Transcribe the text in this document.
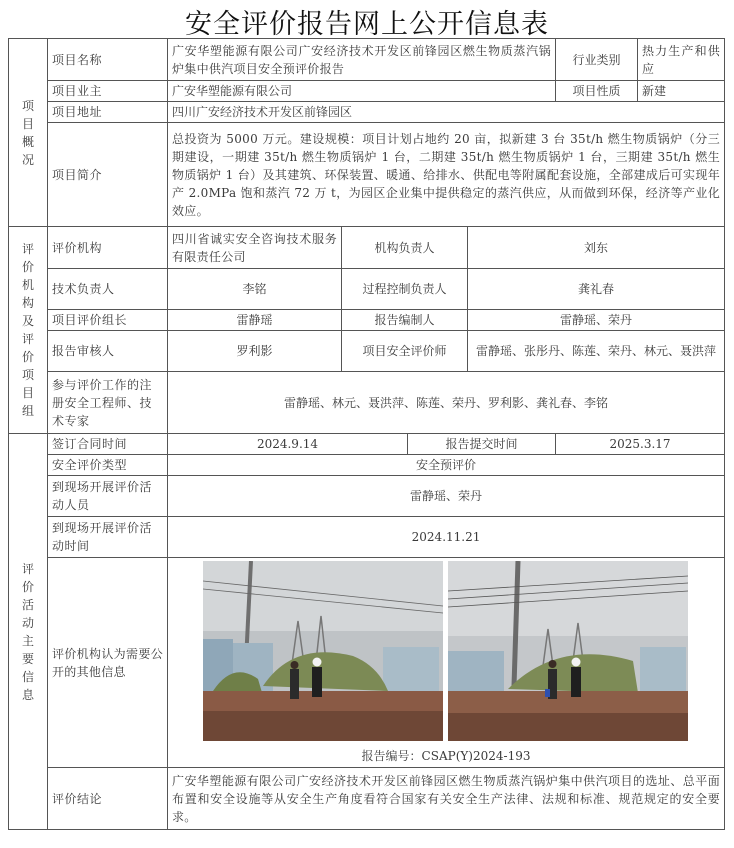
安全评价报告网上公开信息表
项目概况	项目名称	广安华塑能源有限公司广安经济技术开发区前锋园区燃生物质蒸汽锅炉集中供汽项目安全预评价报告				行业类别	热力生产和供应
	项目业主	广安华塑能源有限公司				项目性质	新建
	项目地址	四川广安经济技术开发区前锋园区					
	项目简介	总投资为 5000 万元。建设规模：项目计划占地约 20 亩，拟新建 3 台 35t/h 燃生物质锅炉（分三期建设，一期建 35t/h 燃生物质锅炉 1 台，二期建 35t/h 燃生物质锅炉 1 台，三期建 35t/h 燃生物质锅炉 1 台）及其建筑、环保装置、暖通、给排水、供配电等附属配套设施，全部建成后可实现年产 2.0MPa 饱和蒸汽 72 万 t，为园区企业集中提供稳定的蒸汽供应，从而做到环保，经济等产业化效应。					
评价机构及评价项目组	评价机构	四川省诚实安全咨询技术服务有限责任公司	机构负责人		刘东		
	技术负责人	李铭	过程控制负责人		龚礼春		
	项目评价组长	雷静瑶	报告编制人		雷静瑶、荣丹		
	报告审核人	罗利影	项目安全评价师		雷静瑶、张彤丹、陈莲、荣丹、林元、聂洪萍		
	参与评价工作的注册安全工程师、技术专家	雷静瑶、林元、聂洪萍、陈莲、荣丹、罗利影、龚礼春、李铭					
评价活动主要信息	签订合同时间	2024.9.14		报告提交时间		2025.3.17	
	安全评价类型	安全预评价					
	到现场开展评价活动人员	雷静瑶、荣丹					
	到现场开展评价活动时间	2024.11.21					
	评价机构认为需要公开的其他信息	报告编号：CSAP(Y)2024-193					

	评价结论	广安华塑能源有限公司广安经济技术开发区前锋园区燃生物质蒸汽锅炉集中供汽项目的选址、总平面布置和安全设施等从安全生产角度看符合国家有关安全生产法律、法规和标准、规范规定的安全要求。					
